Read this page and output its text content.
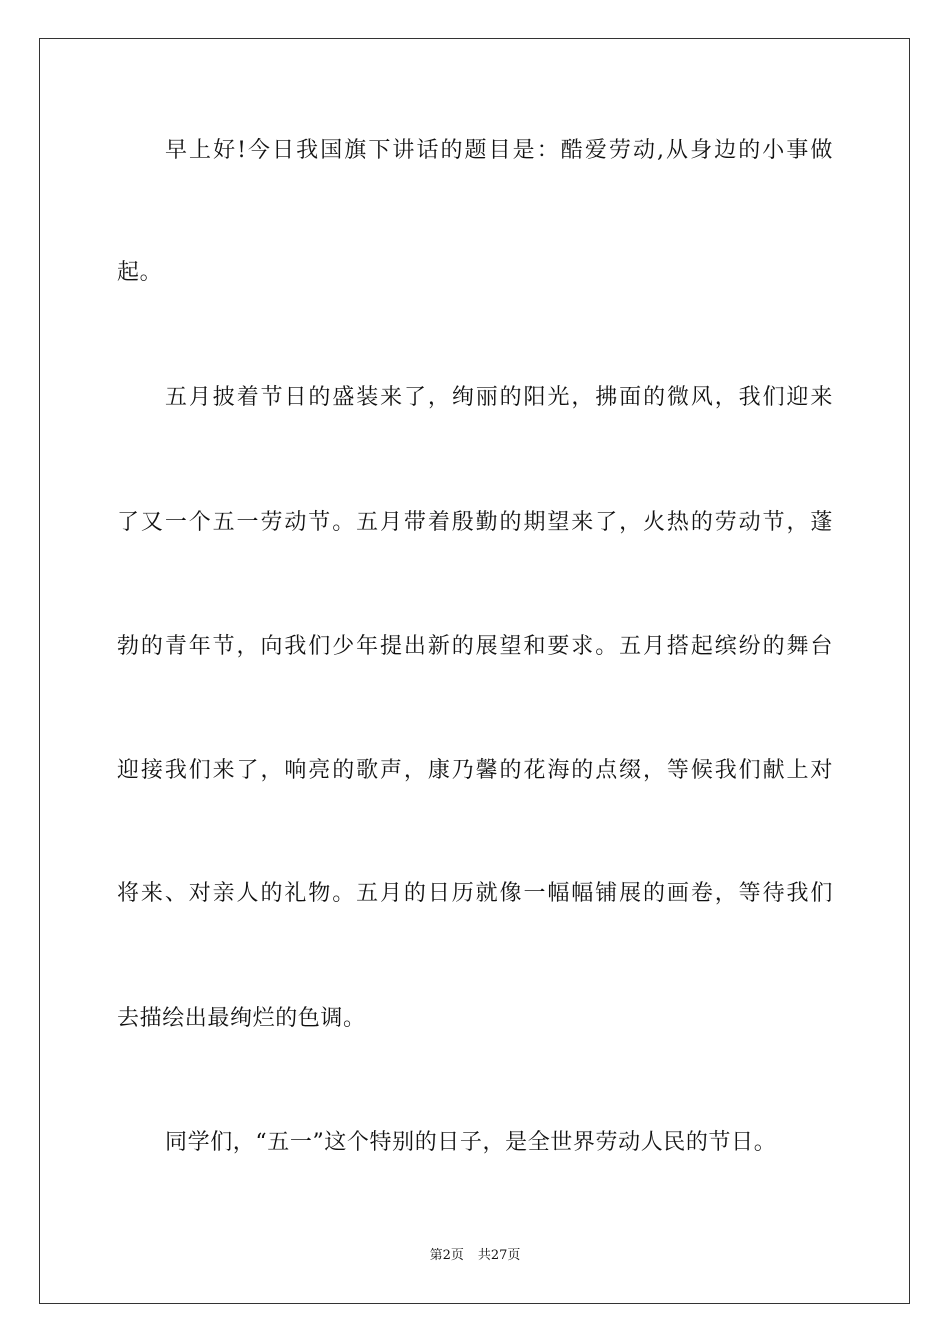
早上好!今日我国旗下讲话的题目是：酷爱劳动,从身边的小事做
起。
五月披着节日的盛装来了，绚丽的阳光，拂面的微风，我们迎来
了又一个五一劳动节。五月带着殷勤的期望来了，火热的劳动节，蓬
勃的青年节，向我们少年提出新的展望和要求。五月搭起缤纷的舞台
迎接我们来了，响亮的歌声，康乃馨的花海的点缀，等候我们献上对
将来、对亲人的礼物。五月的日历就像一幅幅铺展的画卷，等待我们
去描绘出最绚烂的色调。
同学们，“五一”这个特别的日子，是全世界劳动人民的节日。
第2页 共27页
